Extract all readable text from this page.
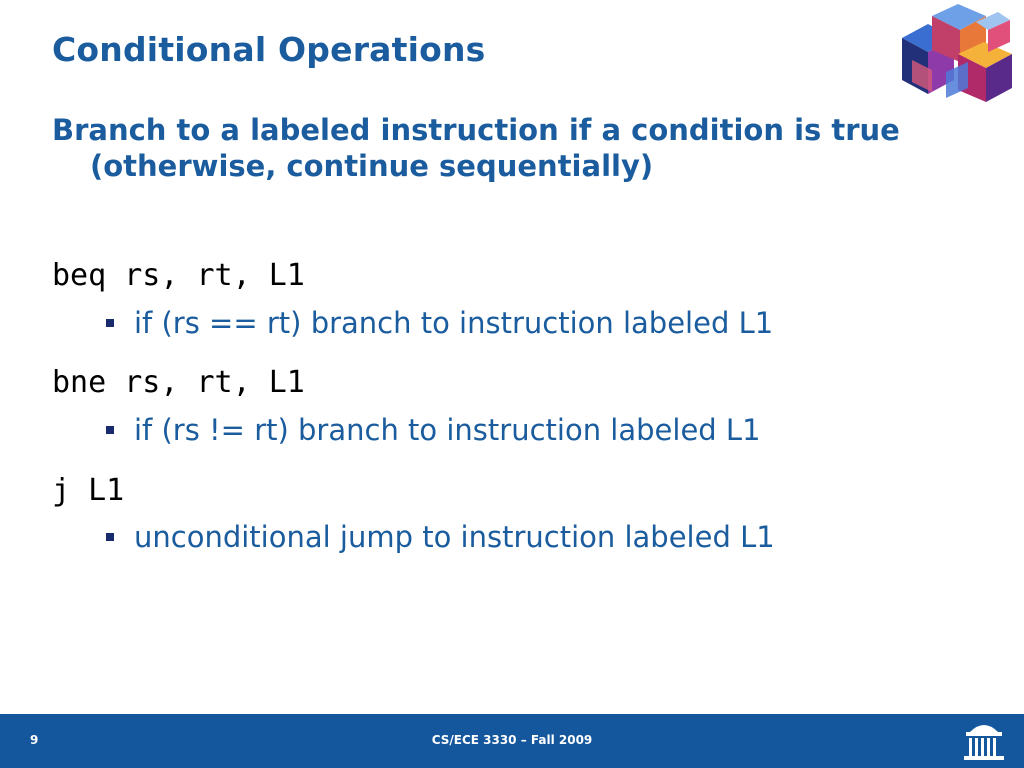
Conditional Operations

Branch to a labeled instruction if a condition is true (otherwise, continue sequentially)

beq rs, rt, L1
if (rs == rt) branch to instruction labeled L1
bne rs, rt, L1
if (rs != rt) branch to instruction labeled L1
j L1
unconditional jump to instruction labeled L1
9	CS/ECE 3330 – Fall 2009
